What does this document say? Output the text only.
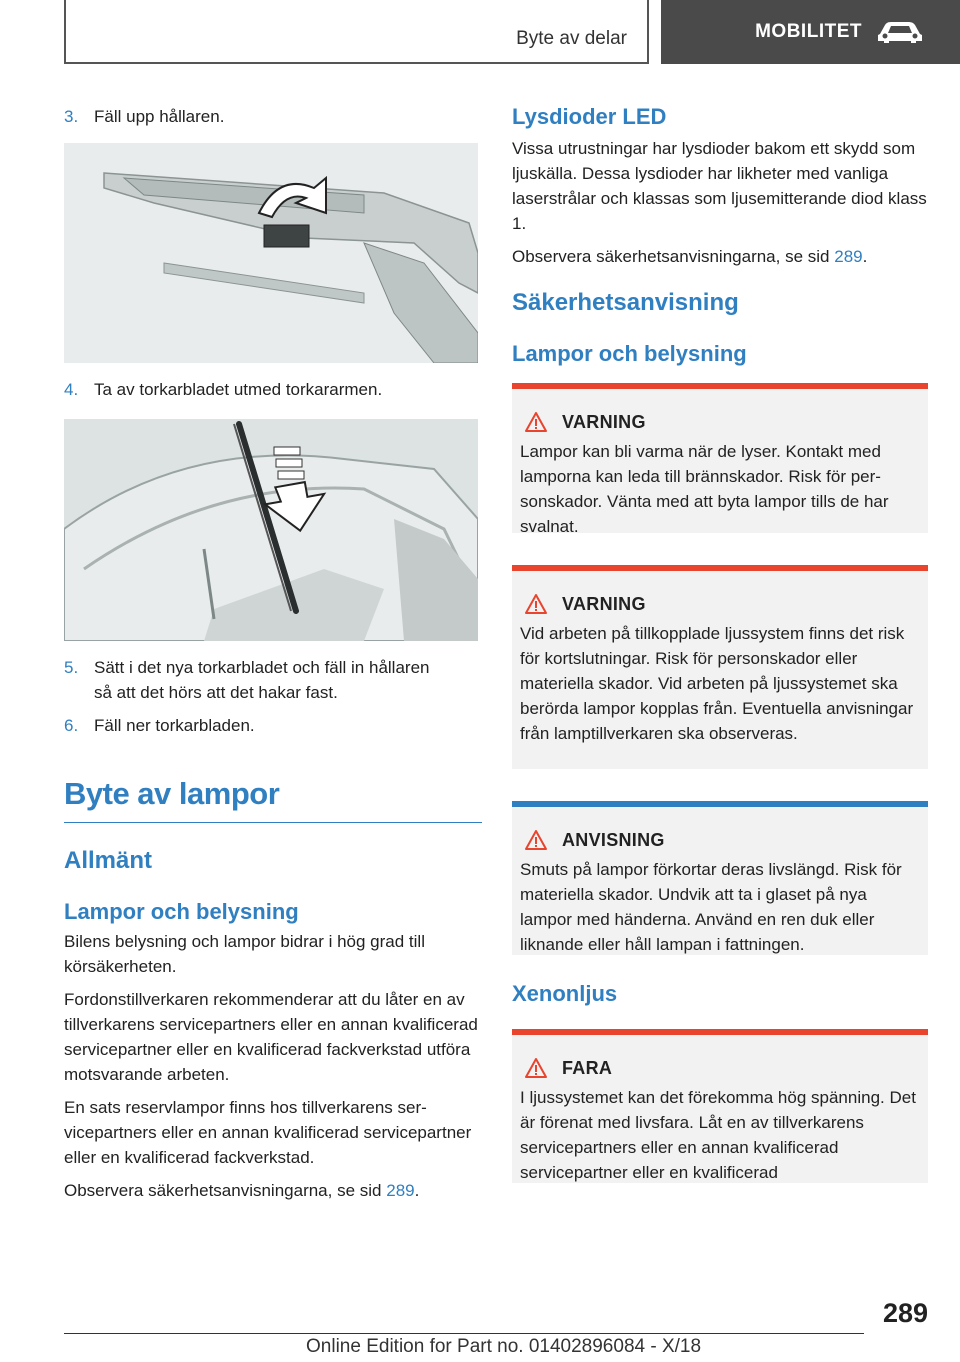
Byte av delar	MOBILITET
3. Fäll upp hållaren.
4. Ta av torkarbladet utmed torkararmen.
5. Sätt i det nya torkarbladet och fäll in hållaren
så att det hörs att det hakar fast.
6. Fäll ner torkarbladen.
Byte av lampor
Allmänt
Lampor och belysning

Bilens belysning och lampor bidrar i hög grad till körsäkerheten.

Fordonstillverkaren rekommenderar att du låter en av tillverkarens servicepartners eller en annan kvalificerad servicepartner eller en kvalificerad fackverkstad utföra motsvarande arbeten.

En sats reservlampor finns hos tillverkarens servicepartners eller en annan kvalificerad servicepartner eller en kvalificerad fackverkstad.

Observera säkerhetsanvisningarna, se sid 289.

Lysdioder LED

Vissa utrustningar har lysdioder bakom ett skydd som ljuskälla. Dessa lysdioder har likheter med vanliga laserstrålar och klassas som ljusemitterande diod klass 1.

Observera säkerhetsanvisningarna, se sid 289.

Säkerhetsanvisning
Lampor och belysning
VARNING

Lampor kan bli varma när de lyser. Kontakt med lamporna kan leda till brännskador. Risk för personskador. Vänta med att byta lampor tills de har svalnat.

VARNING

Vid arbeten på tillkopplade ljussystem finns det risk för kortslutningar. Risk för personskador eller materiella skador. Vid arbeten på ljussystemet ska berörda lampor kopplas från. Eventuella anvisningar från lamptillverkaren ska observeras.

ANVISNING

Smuts på lampor förkortar deras livslängd. Risk för materiella skador. Undvik att ta i glaset på nya lampor med händerna. Använd en ren duk eller liknande eller håll lampan i fattningen.

Xenonljus
FARA

I ljussystemet kan det förekomma hög spänning. Det är förenat med livsfara. Låt en av tillverkarens servicepartners eller en annan kvalificerad servicepartner eller en kvalificerad

289
Online Edition for Part no. 01402896084 - X/18
